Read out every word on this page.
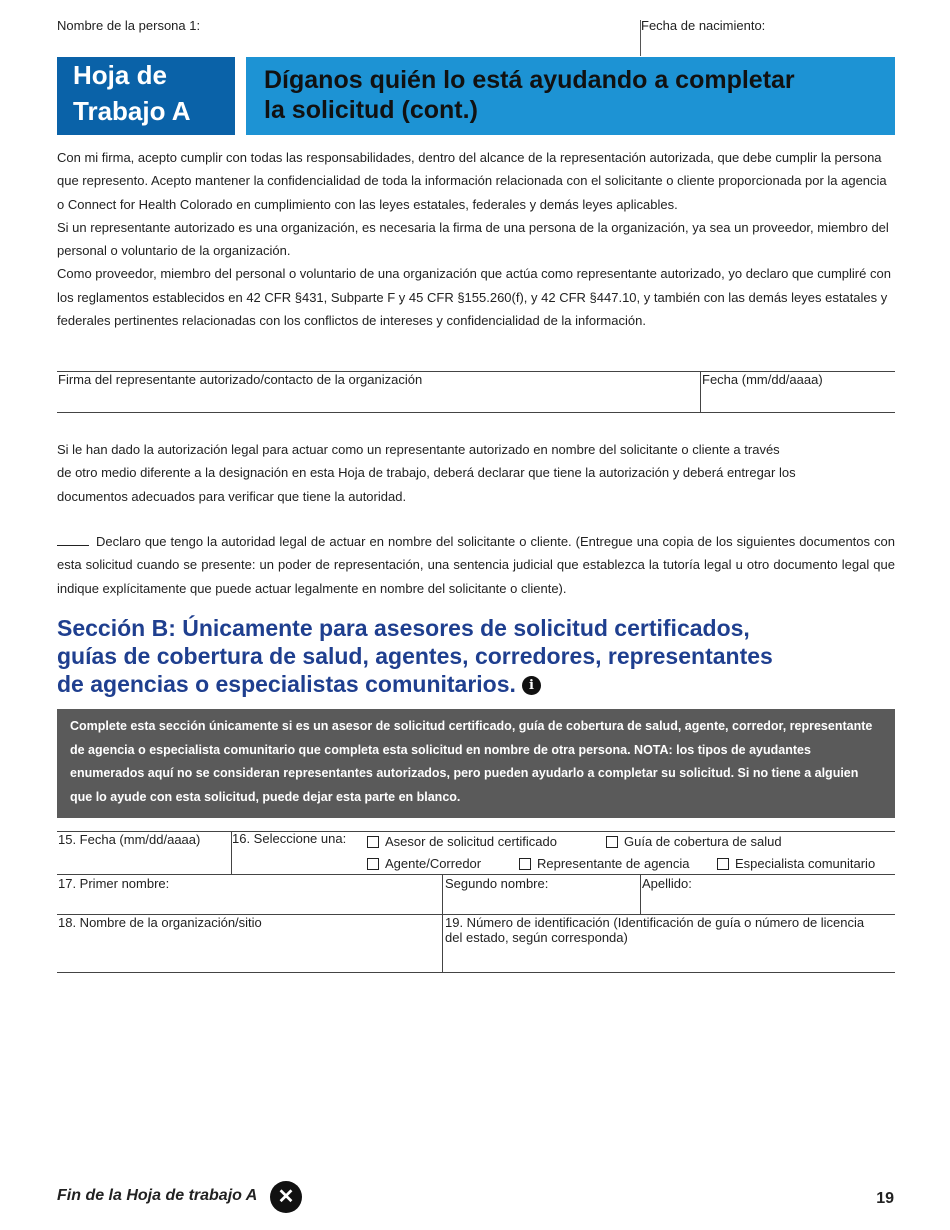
Nombre de la persona 1:	Fecha de nacimiento:
Hoja de
Trabajo A
Díganos quién lo está ayudando a completar
la solicitud (cont.)
Con mi firma, acepto cumplir con todas las responsabilidades, dentro del alcance de la representación autorizada, que debe cumplir la persona que represento. Acepto mantener la confidencialidad de toda la información relacionada con el solicitante o cliente proporcionada por la agencia o Connect for Health Colorado en cumplimiento con las leyes estatales, federales y demás leyes aplicables.
Si un representante autorizado es una organización, es necesaria la firma de una persona de la organización, ya sea un proveedor, miembro del personal o voluntario de la organización.
Como proveedor, miembro del personal o voluntario de una organización que actúa como representante autorizado, yo declaro que cumpliré con los reglamentos establecidos en 42 CFR §431, Subparte F y 45 CFR §155.260(f), y 42 CFR §447.10, y también con las demás leyes estatales y federales pertinentes relacionadas con los conflictos de intereses y confidencialidad de la información.
Firma del representante autorizado/contacto de la organización	Fecha (mm/dd/aaaa)
Si le han dado la autorización legal para actuar como un representante autorizado en nombre del solicitante o cliente a través
de otro medio diferente a la designación en esta Hoja de trabajo, deberá declarar que tiene la autorización y deberá entregar los
documentos adecuados para verificar que tiene la autoridad.
Declaro que tengo la autoridad legal de actuar en nombre del solicitante o cliente. (Entregue una copia de los siguientes documentos con esta solicitud cuando se presente: un poder de representación, una sentencia judicial que establezca la tutoría legal u otro documento legal que indique explícitamente que puede actuar legalmente en nombre del solicitante o cliente).
Sección B: Únicamente para asesores de solicitud certificados,
guías de cobertura de salud, agentes, corredores, representantes
de agencias o especialistas comunitarios. i
Complete esta sección únicamente si es un asesor de solicitud certificado, guía de cobertura de salud, agente, corredor, representante de agencia o especialista comunitario que completa esta solicitud en nombre de otra persona. NOTA: los tipos de ayudantes enumerados aquí no se consideran representantes autorizados, pero pueden ayudarlo a completar su solicitud. Si no tiene a alguien que lo ayude con esta solicitud, puede dejar esta parte en blanco.
15. Fecha (mm/dd/aaaa) 16. Seleccione una:	Asesor de solicitud certificado	Guía de cobertura de salud
Agente/Corredor	Representante de agencia	Especialista comunitario
17. Primer nombre:	Segundo nombre:	Apellido:
18. Nombre de la organización/sitio	19. Número de identificación (Identificación de guía o número de licencia del estado, según corresponda)
Fin de la Hoja de trabajo A	✕	19
